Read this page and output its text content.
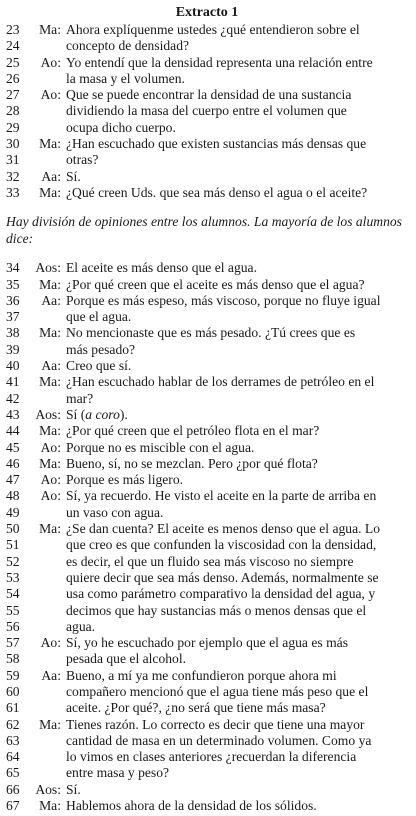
Extracto 1
23	Ma: Ahora explíquenme ustedes ¿qué entendieron sobre el
24	concepto de densidad?
25	Ao: Yo entendí que la densidad representa una relación entre
26	la masa y el volumen.
27	Ao: Que se puede encontrar la densidad de una sustancia
28	dividiendo la masa del cuerpo entre el volumen que
29	ocupa dicho cuerpo.
30	Ma: ¿Han escuchado que existen sustancias más densas que
31	otras?
32	Aa: Sí.
33	Ma: ¿Qué creen Uds. que sea más denso el agua o el aceite?
Hay división de opiniones entre los alumnos. La mayoría de los alumnos dice:
34	Aos: El aceite es más denso que el agua.
35	Ma: ¿Por qué creen que el aceite es más denso que el agua?
36	Aa: Porque es más espeso, más viscoso, porque no fluye igual
37	que el agua.
38	Ma: No mencionaste que es más pesado. ¿Tú crees que es
39	más pesado?
40	Aa: Creo que sí.
41	Ma: ¿Han escuchado hablar de los derrames de petróleo en el
42	mar?
43	Aos: Sí (a coro).
44	Ma: ¿Por qué creen que el petróleo flota en el mar?
45	Ao: Porque no es miscible con el agua.
46	Ma: Bueno, sí, no se mezclan. Pero ¿por qué flota?
47	Ao: Porque es más ligero.
48	Ao: Sí, ya recuerdo. He visto el aceite en la parte de arriba en
49	un vaso con agua.
50	Ma: ¿Se dan cuenta? El aceite es menos denso que el agua. Lo
51	que creo es que confunden la viscosidad con la densidad,
52	es decir, el que un fluido sea más viscoso no siempre
53	quiere decir que sea más denso. Además, normalmente se
54	usa como parámetro comparativo la densidad del agua, y
55	decimos que hay sustancias más o menos densas que el
56	agua.
57	Ao: Sí, yo he escuchado por ejemplo que el agua es más
58	pesada que el alcohol.
59	Aa: Bueno, a mí ya me confundieron porque ahora mi
60	compañero mencionó que el agua tiene más peso que el
61	aceite. ¿Por qué?, ¿no será que tiene más masa?
62	Ma: Tienes razón. Lo correcto es decir que tiene una mayor
63	cantidad de masa en un determinado volumen. Como ya
64	lo vimos en clases anteriores ¿recuerdan la diferencia
65	entre masa y peso?
66	Aos: Sí.
67	Ma: Hablemos ahora de la densidad de los sólidos.
